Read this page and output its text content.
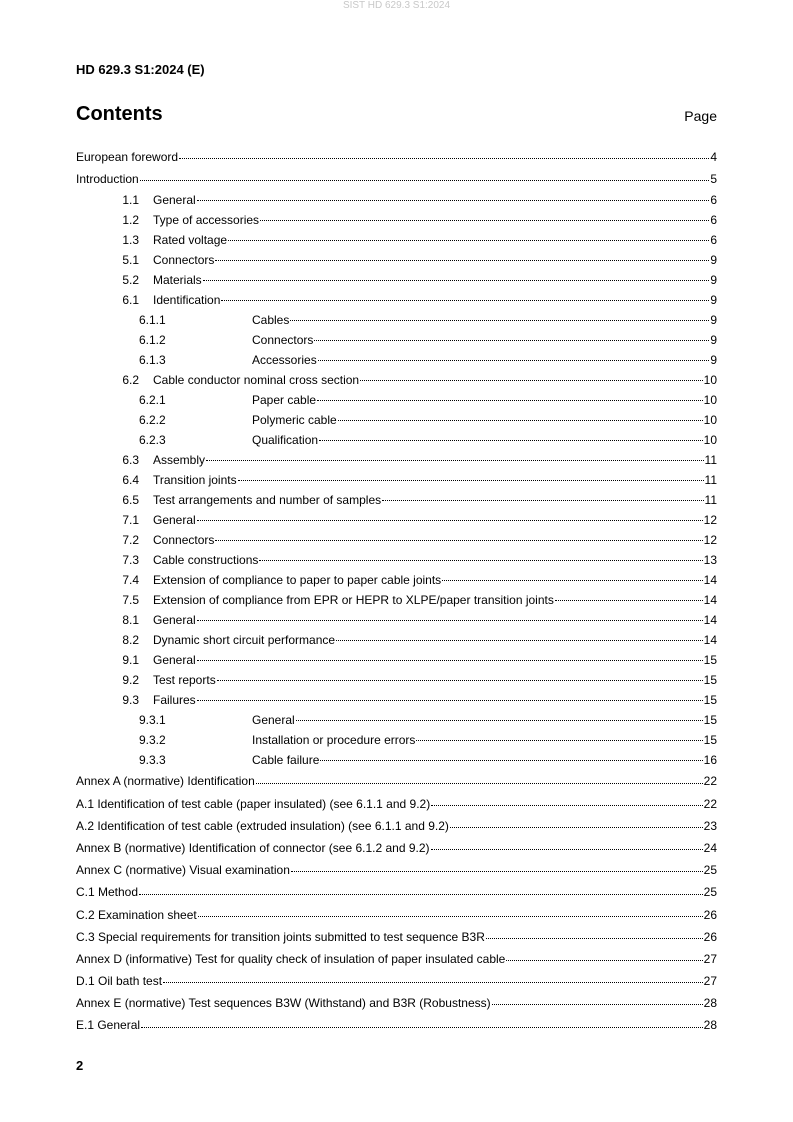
SIST HD 629.3 S1:2024
HD 629.3 S1:2024 (E)
Contents	Page
European foreword	4
Introduction	5
1.1 General	6
1.2 Type of accessories	6
1.3 Rated voltage	6
5.1 Connectors	9
5.2 Materials	9
6.1 Identification	9
6.1.1	Cables	9
6.1.2	Connectors	9
6.1.3	Accessories	9
6.2 Cable conductor nominal cross section	10
6.2.1	Paper cable	10
6.2.2	Polymeric cable	10
6.2.3	Qualification	10
6.3 Assembly	11
6.4 Transition joints	11
6.5 Test arrangements and number of samples	11
7.1 General	12
7.2 Connectors	12
7.3 Cable constructions	13
7.4 Extension of compliance to paper to paper cable joints	14
7.5 Extension of compliance from EPR or HEPR to XLPE/paper transition joints	14
8.1 General	14
8.2 Dynamic short circuit performance	14
9.1 General	15
9.2 Test reports	15
9.3 Failures	15
9.3.1	General	15
9.3.2	Installation or procedure errors	15
9.3.3	Cable failure	16
Annex A (normative) Identification	22
A.1 Identification of test cable (paper insulated) (see 6.1.1 and 9.2)	22
A.2 Identification of test cable (extruded insulation) (see 6.1.1 and 9.2)	23
Annex B (normative) Identification of connector (see 6.1.2 and 9.2)	24
Annex C (normative) Visual examination	25
C.1 Method	25
C.2 Examination sheet	26
C.3 Special requirements for transition joints submitted to test sequence B3R	26
Annex D (informative) Test for quality check of insulation of paper insulated cable	27
D.1 Oil bath test	27
Annex E (normative) Test sequences B3W (Withstand) and B3R (Robustness)	28
E.1 General	28
2
